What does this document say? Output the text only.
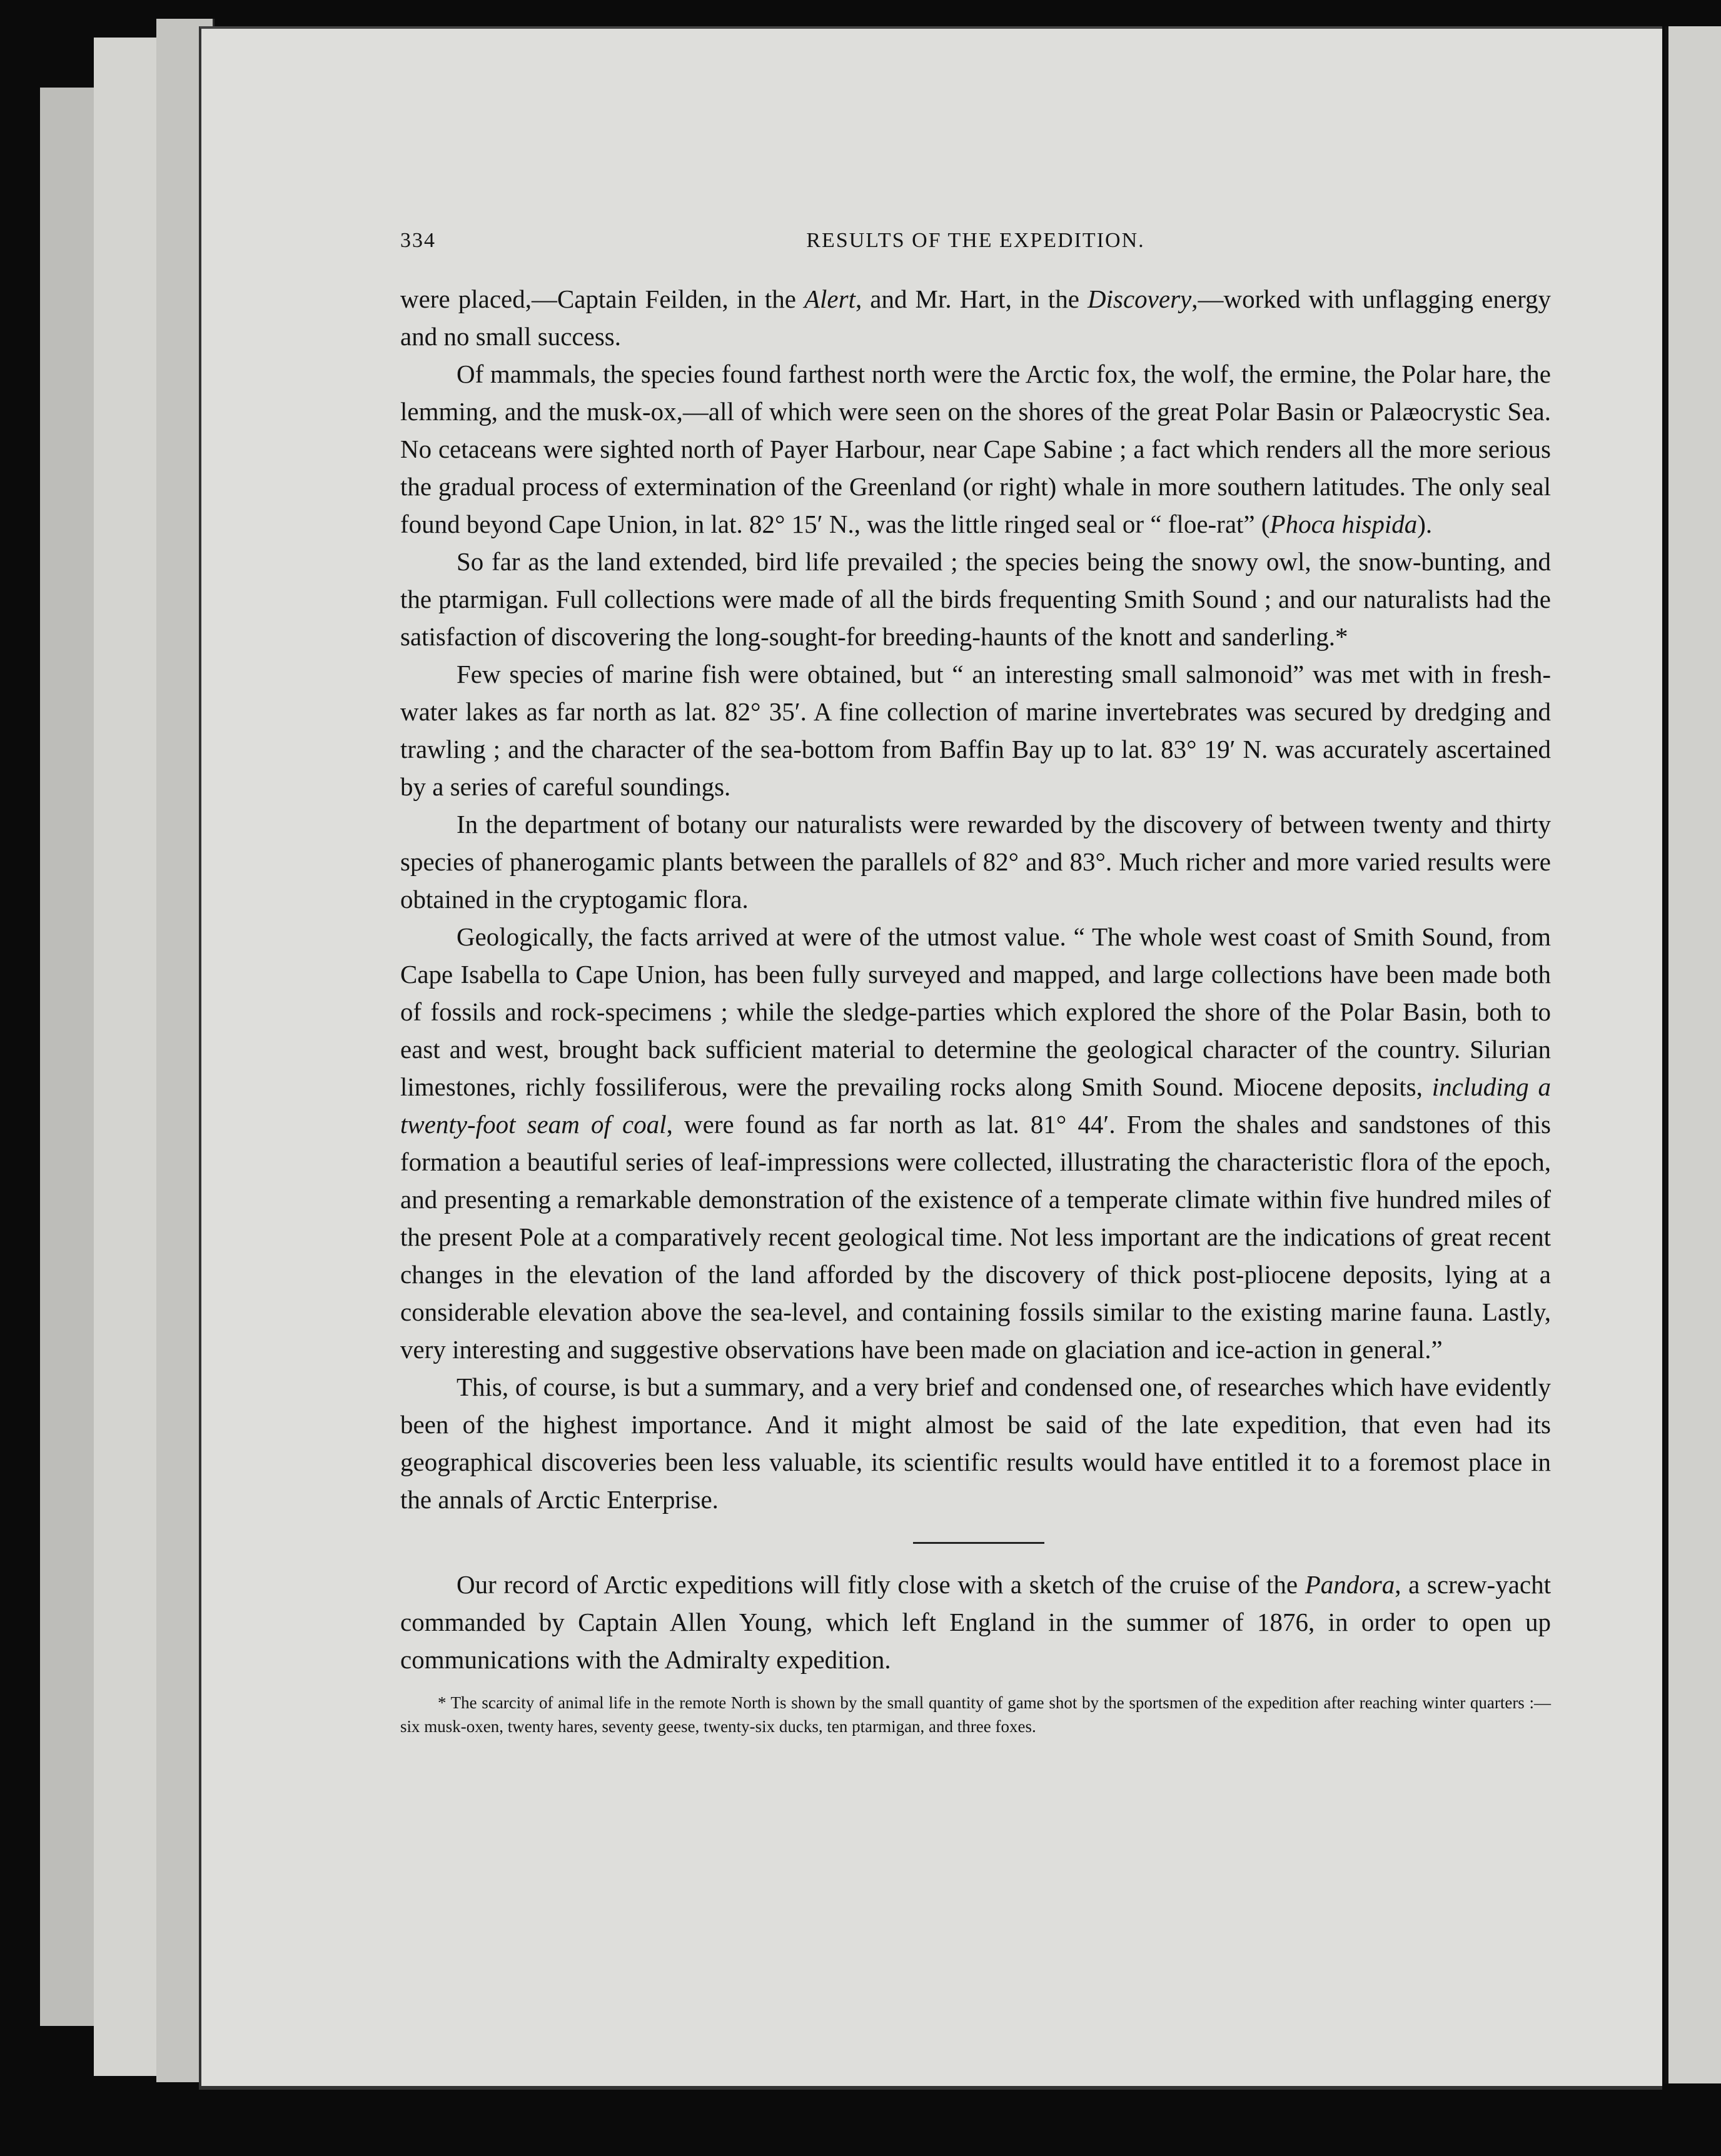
334	RESULTS OF THE EXPEDITION.

were placed,—Captain Feilden, in the Alert, and Mr. Hart, in the Discovery,—worked with unflagging energy and no small success.

Of mammals, the species found farthest north were the Arctic fox, the wolf, the ermine, the Polar hare, the lemming, and the musk-ox,—all of which were seen on the shores of the great Polar Basin or Palæocrystic Sea. No cetaceans were sighted north of Payer Harbour, near Cape Sabine ; a fact which renders all the more serious the gradual process of extermination of the Greenland (or right) whale in more southern latitudes. The only seal found beyond Cape Union, in lat. 82° 15′ N., was the little ringed seal or “ floe-rat” (Phoca hispida).

So far as the land extended, bird life prevailed ; the species being the snowy owl, the snow-bunting, and the ptarmigan. Full collections were made of all the birds frequenting Smith Sound ; and our naturalists had the satisfaction of discovering the long-sought-for breeding-haunts of the knott and sanderling.*

Few species of marine fish were obtained, but “ an interesting small salmonoid” was met with in fresh-water lakes as far north as lat. 82° 35′. A fine collection of marine invertebrates was secured by dredging and trawling ; and the character of the sea-bottom from Baffin Bay up to lat. 83° 19′ N. was accurately ascertained by a series of careful soundings.

In the department of botany our naturalists were rewarded by the discovery of between twenty and thirty species of phanerogamic plants between the parallels of 82° and 83°. Much richer and more varied results were obtained in the cryptogamic flora.

Geologically, the facts arrived at were of the utmost value. “ The whole west coast of Smith Sound, from Cape Isabella to Cape Union, has been fully surveyed and mapped, and large collections have been made both of fossils and rock-specimens ; while the sledge-parties which explored the shore of the Polar Basin, both to east and west, brought back sufficient material to determine the geological character of the country. Silurian limestones, richly fossiliferous, were the prevailing rocks along Smith Sound. Miocene deposits, including a twenty-foot seam of coal, were found as far north as lat. 81° 44′. From the shales and sandstones of this formation a beautiful series of leaf-impressions were collected, illustrating the characteristic flora of the epoch, and presenting a remarkable demonstration of the existence of a temperate climate within five hundred miles of the present Pole at a comparatively recent geological time. Not less important are the indications of great recent changes in the elevation of the land afforded by the discovery of thick post-pliocene deposits, lying at a considerable elevation above the sea-level, and containing fossils similar to the existing marine fauna. Lastly, very interesting and suggestive observations have been made on glaciation and ice-action in general.”

This, of course, is but a summary, and a very brief and condensed one, of researches which have evidently been of the highest importance. And it might almost be said of the late expedition, that even had its geographical discoveries been less valuable, its scientific results would have entitled it to a foremost place in the annals of Arctic Enterprise.

Our record of Arctic expeditions will fitly close with a sketch of the cruise of the Pandora, a screw-yacht commanded by Captain Allen Young, which left England in the summer of 1876, in order to open up communications with the Admiralty expedition.

* The scarcity of animal life in the remote North is shown by the small quantity of game shot by the sportsmen of the expedition after reaching winter quarters :—six musk-oxen, twenty hares, seventy geese, twenty-six ducks, ten ptarmigan, and three foxes.
